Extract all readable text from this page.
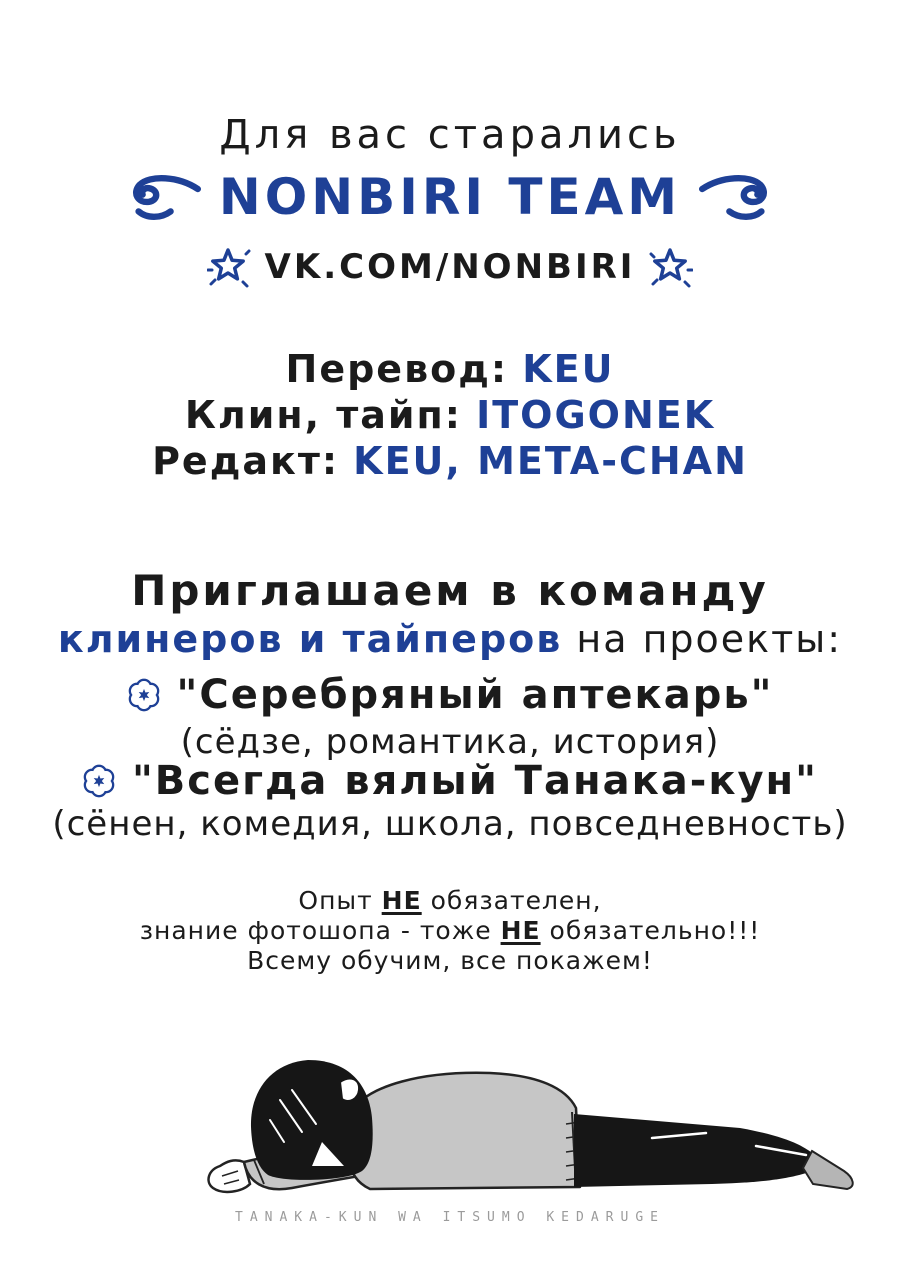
Для вас старались
NONBIRI TEAM
VK.COM/NONBIRI
Перевод: KEU
Клин, тайп: ITOGONEK
Редакт: KEU, META-CHAN
Приглашаем в команду
клинеров и тайперов на проекты:
"Серебряный аптекарь"
(сёдзе, романтика, история)
"Всегда вялый Танака-кун"
(сёнен, комедия, школа, повседневность)
Опыт НЕ обязателен,
знание фотошопа - тоже НЕ обязательно!!!
Всему обучим, все покажем!
TANAKA-KUN WA ITSUMO KEDARUGE
